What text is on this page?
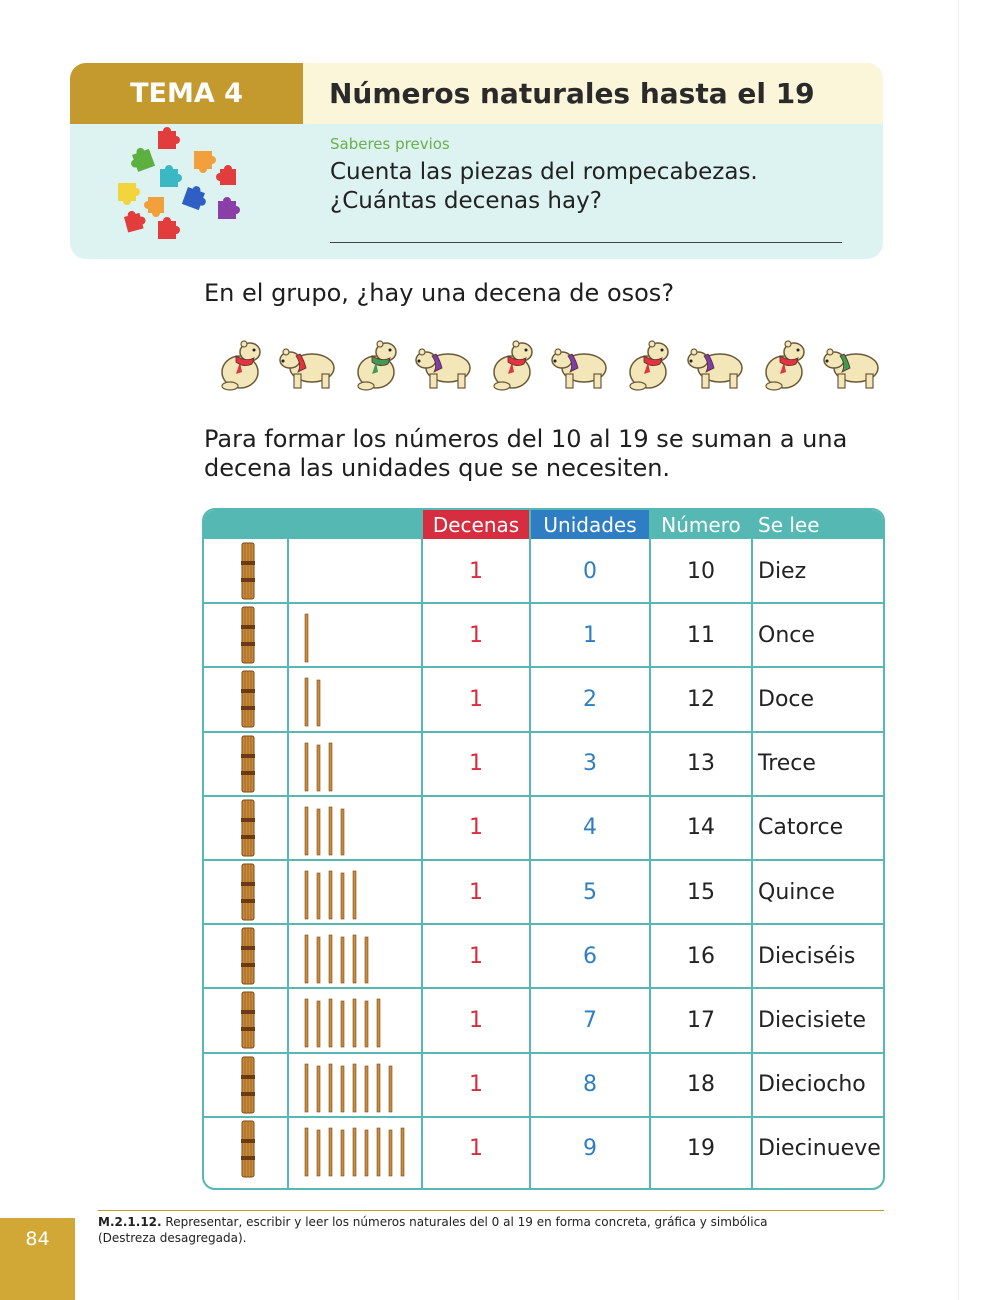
TEMA 4	Números naturales hasta el 19
Saberes previos
Cuenta las piezas del rompecabezas.
¿Cuántas decenas hay?
En el grupo, ¿hay una decena de osos?
Para formar los números del 10 al 19 se suman a una decena las unidades que se necesiten.
Decenas	Unidades	Número Se lee
1	0	10	Diez
1	1	11	Once
1	2	12	Doce
1	3	13	Trece
1	4	14	Catorce
1	5	15	Quince
1	6	16	Dieciséis
1	7	17	Diecisiete
1	8	18	Dieciocho
1	9	19	Diecinueve
84
M.2.1.12. Representar, escribir y leer los números naturales del 0 al 19 en forma concreta, gráfica y simbólica (Destreza desagregada).
